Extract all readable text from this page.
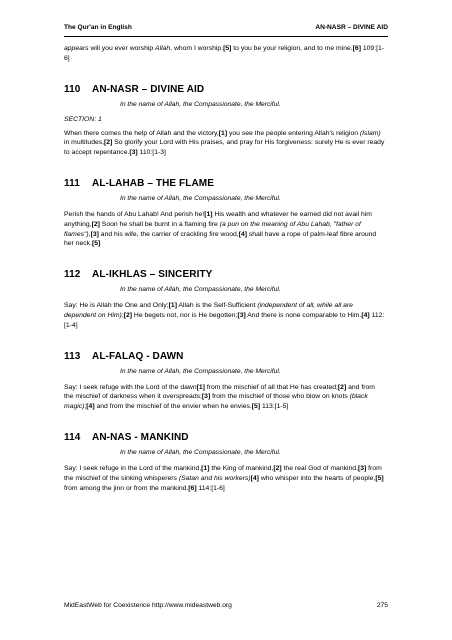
The Qur'an in English	AN-NASR – DIVINE AID

appears will you ever worship Allah, whom I worship.[5] to you be your religion, and to me mine.[6] 109:[1-6]

110 AN-NASR – DIVINE AID
In the name of Allah, the Compassionate, the Merciful.
SECTION: 1

When there comes the help of Allah and the victory,[1] you see the people entering Allah's religion (Islam) in multitudes,[2] So glorify your Lord with His praises, and pray for His forgiveness: surely He is ever ready to accept repentance.[3] 110:[1-3]

111 AL-LAHAB – THE FLAME
In the name of Allah, the Compassionate, the Merciful.

Perish the hands of Abu Lahab! And perish he![1] His wealth and whatever he earned did not avail him anything,[2] Soon he shall be burnt in a flaming fire (a pun on the meaning of Abu Lahab, "father of flames"),[3] and his wife, the carrier of crackling fire wood,[4] shall have a rope of palm-leaf fibre around her neck.[5]

112 AL-IKHLAS – SINCERITY
In the name of Allah, the Compassionate, the Merciful.

Say: He is Allah the One and Only;[1] Allah is the Self-Sufficient (independent of all, while all are dependent on Him);[2] He begets not, nor is He begotten;[3] And there is none comparable to Him.[4] 112:[1-4]

113 AL-FALAQ - DAWN
In the name of Allah, the Compassionate, the Merciful.

Say: I seek refuge with the Lord of the dawn[1] from the mischief of all that He has created;[2] and from the mischief of darkness when it overspreads;[3] from the mischief of those who blow on knots (black magic);[4] and from the mischief of the envier when he envies.[5] 113:[1-5]

114 AN-NAS - MANKIND
In the name of Allah, the Compassionate, the Merciful.

Say: I seek refuge in the Lord of the mankind,[1] the King of mankind,[2] the real God of mankind,[3] from the mischief of the sinking whisperers (Satan and his workers)[4] who whisper into the hearts of people,[5] from among the jinn or from the mankind.[6] 114:[1-6]

MidEastWeb for Coexistence http://www.mideastweb.org	275
